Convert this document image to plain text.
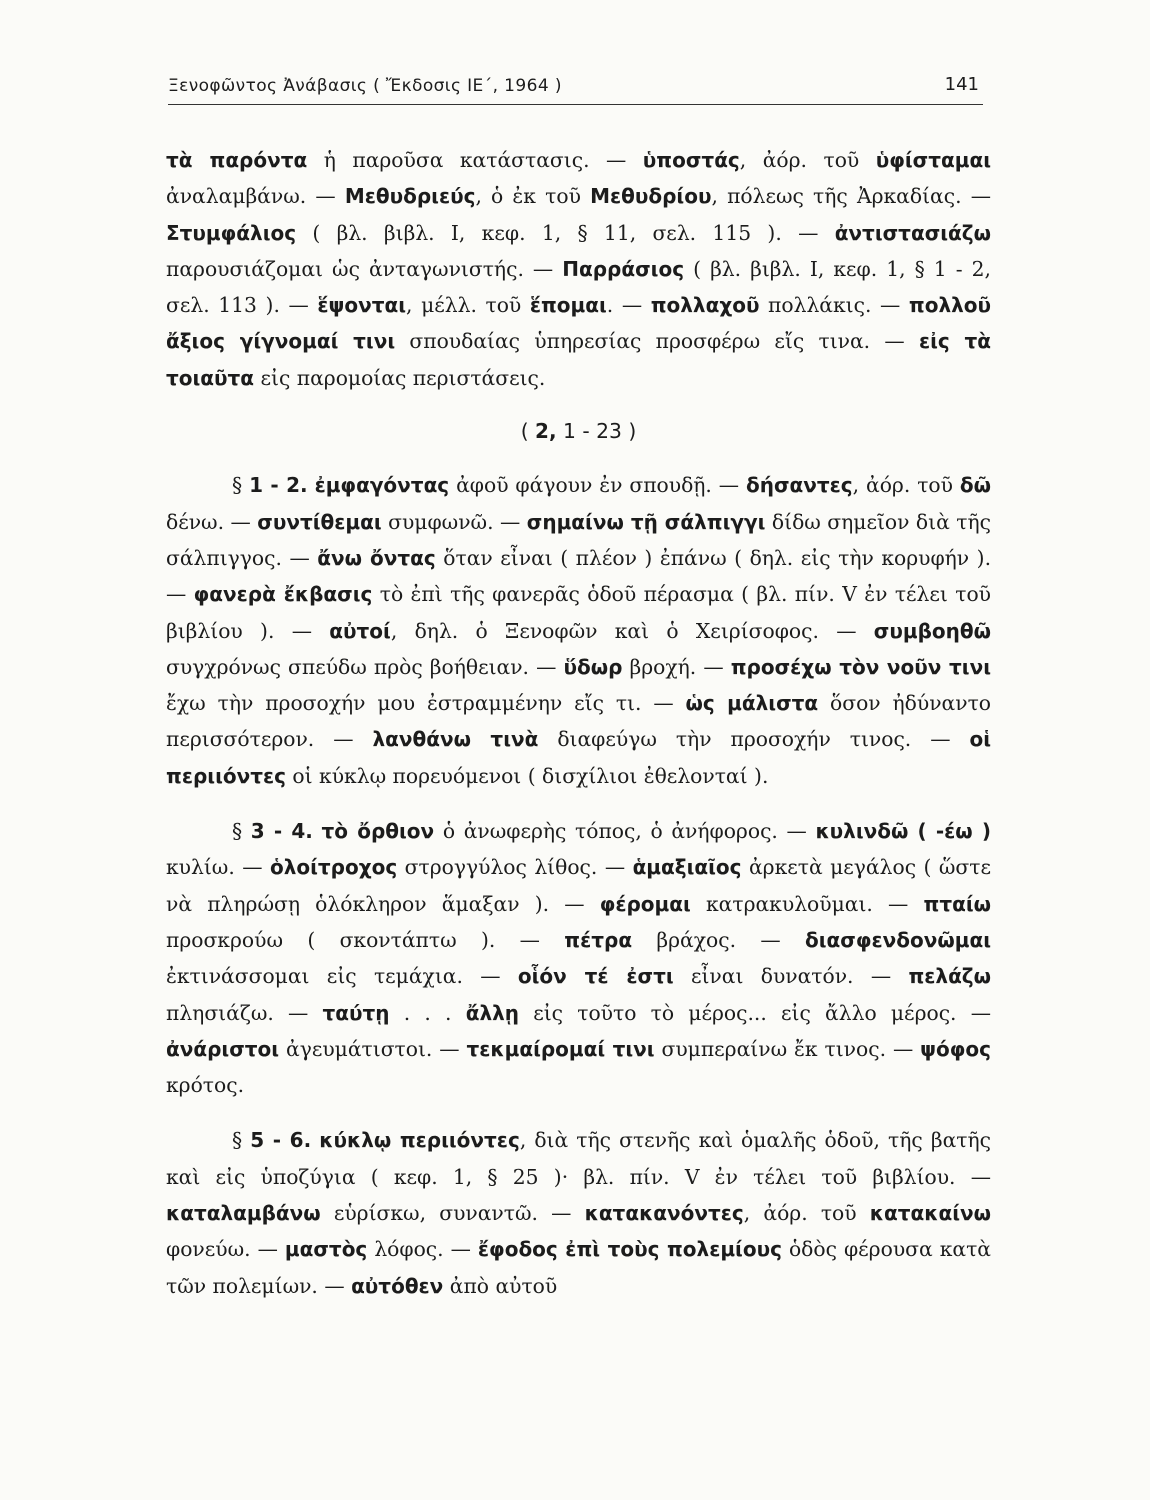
Ξενοφῶντος Ἀνάβασις ( Ἔκδοσις ΙΕ΄, 1964 )	141

τὰ παρόντα ἡ παροῦσα κατάστασις. — ὑποστάς, ἀόρ. τοῦ ὑφίσταμαι ἀναλαμβάνω. — Μεθυδριεύς, ὁ ἐκ τοῦ Μεθυδρίου, πόλεως τῆς Ἀρκαδίας. — Στυμφάλιος ( βλ. βιβλ. Ι, κεφ. 1, § 11, σελ. 115 ). — ἀντιστασιάζω παρουσιάζομαι ὡς ἀνταγωνιστής. — Παρράσιος ( βλ. βιβλ. Ι, κεφ. 1, § 1 - 2, σελ. 113 ). — ἕψονται, μέλλ. τοῦ ἕπομαι. — πολλαχοῦ πολλάκις. — πολλοῦ ἄξιος γίγνομαί τινι σπουδαίας ὑπηρεσίας προσφέρω εἴς τινα. — εἰς τὰ τοιαῦτα εἰς παρομοίας περιστάσεις.

( 2, 1 - 23 )

§ 1 - 2. ἐμφαγόντας ἀφοῦ φάγουν ἐν σπουδῇ. — δήσαντες, ἀόρ. τοῦ δῶ δένω. — συντίθεμαι συμφωνῶ. — σημαίνω τῇ σάλπιγγι δίδω σημεῖον διὰ τῆς σάλπιγγος. — ἄνω ὄντας ὅταν εἶναι ( πλέον ) ἐπάνω ( δηλ. εἰς τὴν κορυφήν ). — φανερὰ ἔκβασις τὸ ἐπὶ τῆς φανερᾶς ὁδοῦ πέρασμα ( βλ. πίν. V ἐν τέλει τοῦ βιβλίου ). — αὐτοί, δηλ. ὁ Ξενοφῶν καὶ ὁ Χειρίσοφος. — συμβοηθῶ συγχρόνως σπεύδω πρὸς βοήθειαν. — ὕδωρ βροχή. — προσέχω τὸν νοῦν τινι ἔχω τὴν προσοχήν μου ἐστραμμένην εἴς τι. — ὡς μάλιστα ὅσον ἠδύναντο περισσότερον. — λανθάνω τινὰ διαφεύγω τὴν προσοχήν τινος. — οἱ περιιόντες οἱ κύκλῳ πορευόμενοι ( δισχίλιοι ἐθελονταί ).

§ 3 - 4. τὸ ὄρθιον ὁ ἀνωφερὴς τόπος, ὁ ἀνήφορος. — κυλινδῶ ( -έω ) κυλίω. — ὁλοίτροχος στρογγύλος λίθος. — ἁμαξιαῖος ἀρκετὰ μεγάλος ( ὥστε νὰ πληρώσῃ ὁλόκληρον ἅμαξαν ). — φέρομαι κατρακυλοῦμαι. — πταίω προσκρούω ( σκοντάπτω ). — πέτρα βράχος. — διασφενδονῶμαι ἐκτινάσσομαι εἰς τεμάχια. — οἷόν τέ ἐστι εἶναι δυνατόν. — πελάζω πλησιάζω. — ταύτῃ . . . ἄλλῃ εἰς τοῦτο τὸ μέρος... εἰς ἄλλο μέρος. — ἀνάριστοι ἀγευμάτιστοι. — τεκμαίρομαί τινι συμπεραίνω ἔκ τινος. — ψόφος κρότος.

§ 5 - 6. κύκλῳ περιιόντες, διὰ τῆς στενῆς καὶ ὁμαλῆς ὁδοῦ, τῆς βατῆς καὶ εἰς ὑποζύγια ( κεφ. 1, § 25 )· βλ. πίν. V ἐν τέλει τοῦ βιβλίου. — καταλαμβάνω εὑρίσκω, συναντῶ. — κατακανόντες, ἀόρ. τοῦ κατακαίνω φονεύω. — μαστὸς λόφος. — ἔφοδος ἐπὶ τοὺς πολεμίους ὁδὸς φέρουσα κατὰ τῶν πολεμίων. — αὐτόθεν ἀπὸ αὐτοῦ
